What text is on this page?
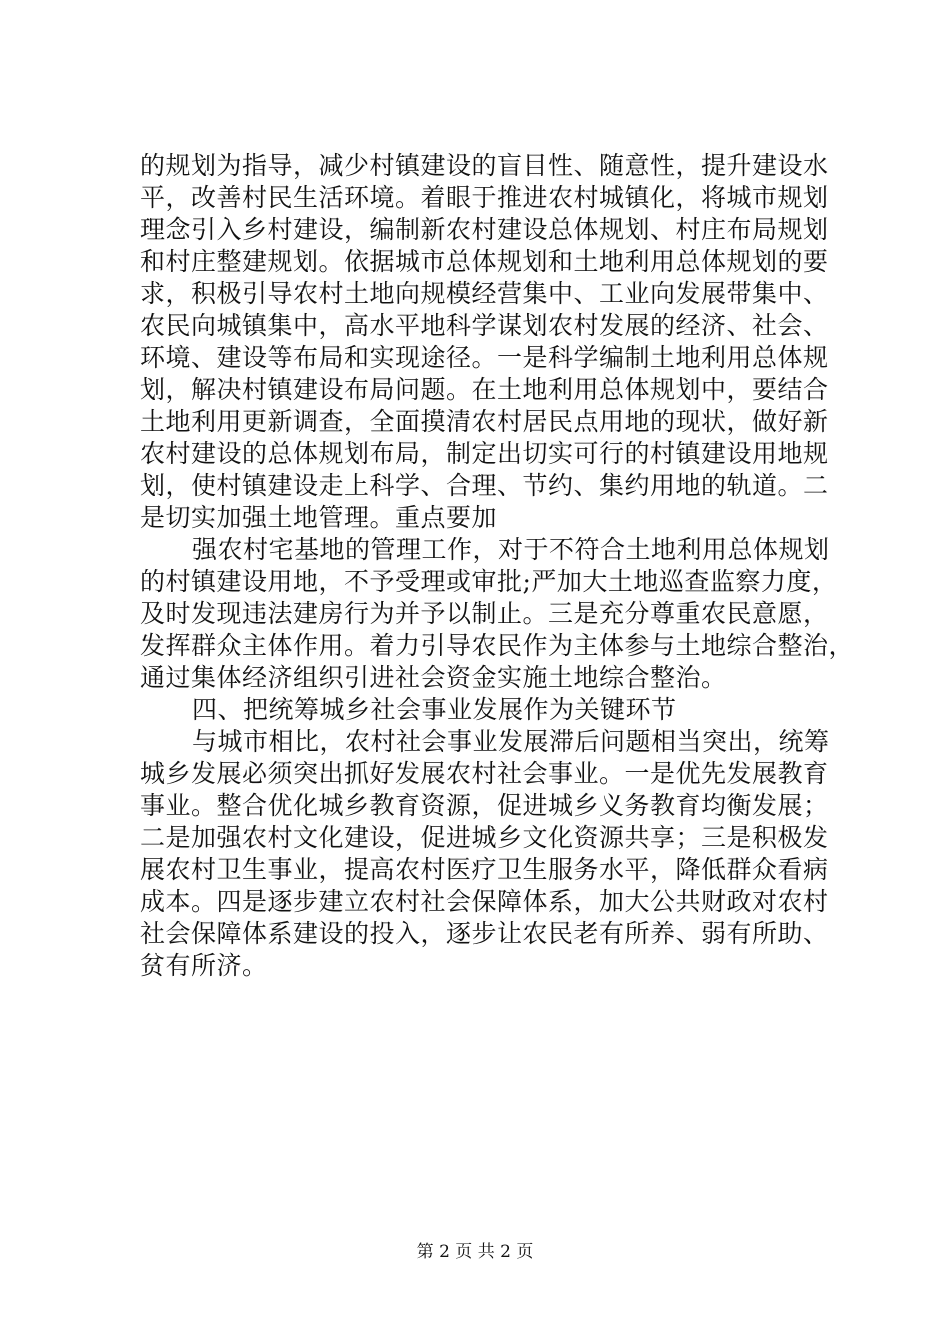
的规划为指导，减少村镇建设的盲目性、随意性，提升建设水
平，改善村民生活环境。着眼于推进农村城镇化，将城市规划
理念引入乡村建设，编制新农村建设总体规划、村庄布局规划
和村庄整建规划。依据城市总体规划和土地利用总体规划的要
求，积极引导农村土地向规模经营集中、工业向发展带集中、
农民向城镇集中，高水平地科学谋划农村发展的经济、社会、
环境、建设等布局和实现途径。一是科学编制土地利用总体规
划，解决村镇建设布局问题。在土地利用总体规划中，要结合
土地利用更新调查，全面摸清农村居民点用地的现状，做好新
农村建设的总体规划布局，制定出切实可行的村镇建设用地规
划，使村镇建设走上科学、合理、节约、集约用地的轨道。二
是切实加强土地管理。重点要加
强农村宅基地的管理工作，对于不符合土地利用总体规划
的村镇建设用地，不予受理或审批;严加大土地巡查监察力度，
及时发现违法建房行为并予以制止。三是充分尊重农民意愿，
发挥群众主体作用。着力引导农民作为主体参与土地综合整治，
通过集体经济组织引进社会资金实施土地综合整治。
四、把统筹城乡社会事业发展作为关键环节
与城市相比，农村社会事业发展滞后问题相当突出，统筹
城乡发展必须突出抓好发展农村社会事业。一是优先发展教育
事业。整合优化城乡教育资源，促进城乡义务教育均衡发展；
二是加强农村文化建设，促进城乡文化资源共享；三是积极发
展农村卫生事业，提高农村医疗卫生服务水平，降低群众看病
成本。四是逐步建立农村社会保障体系，加大公共财政对农村
社会保障体系建设的投入，逐步让农民老有所养、弱有所助、
贫有所济。
第 2 页 共 2 页
